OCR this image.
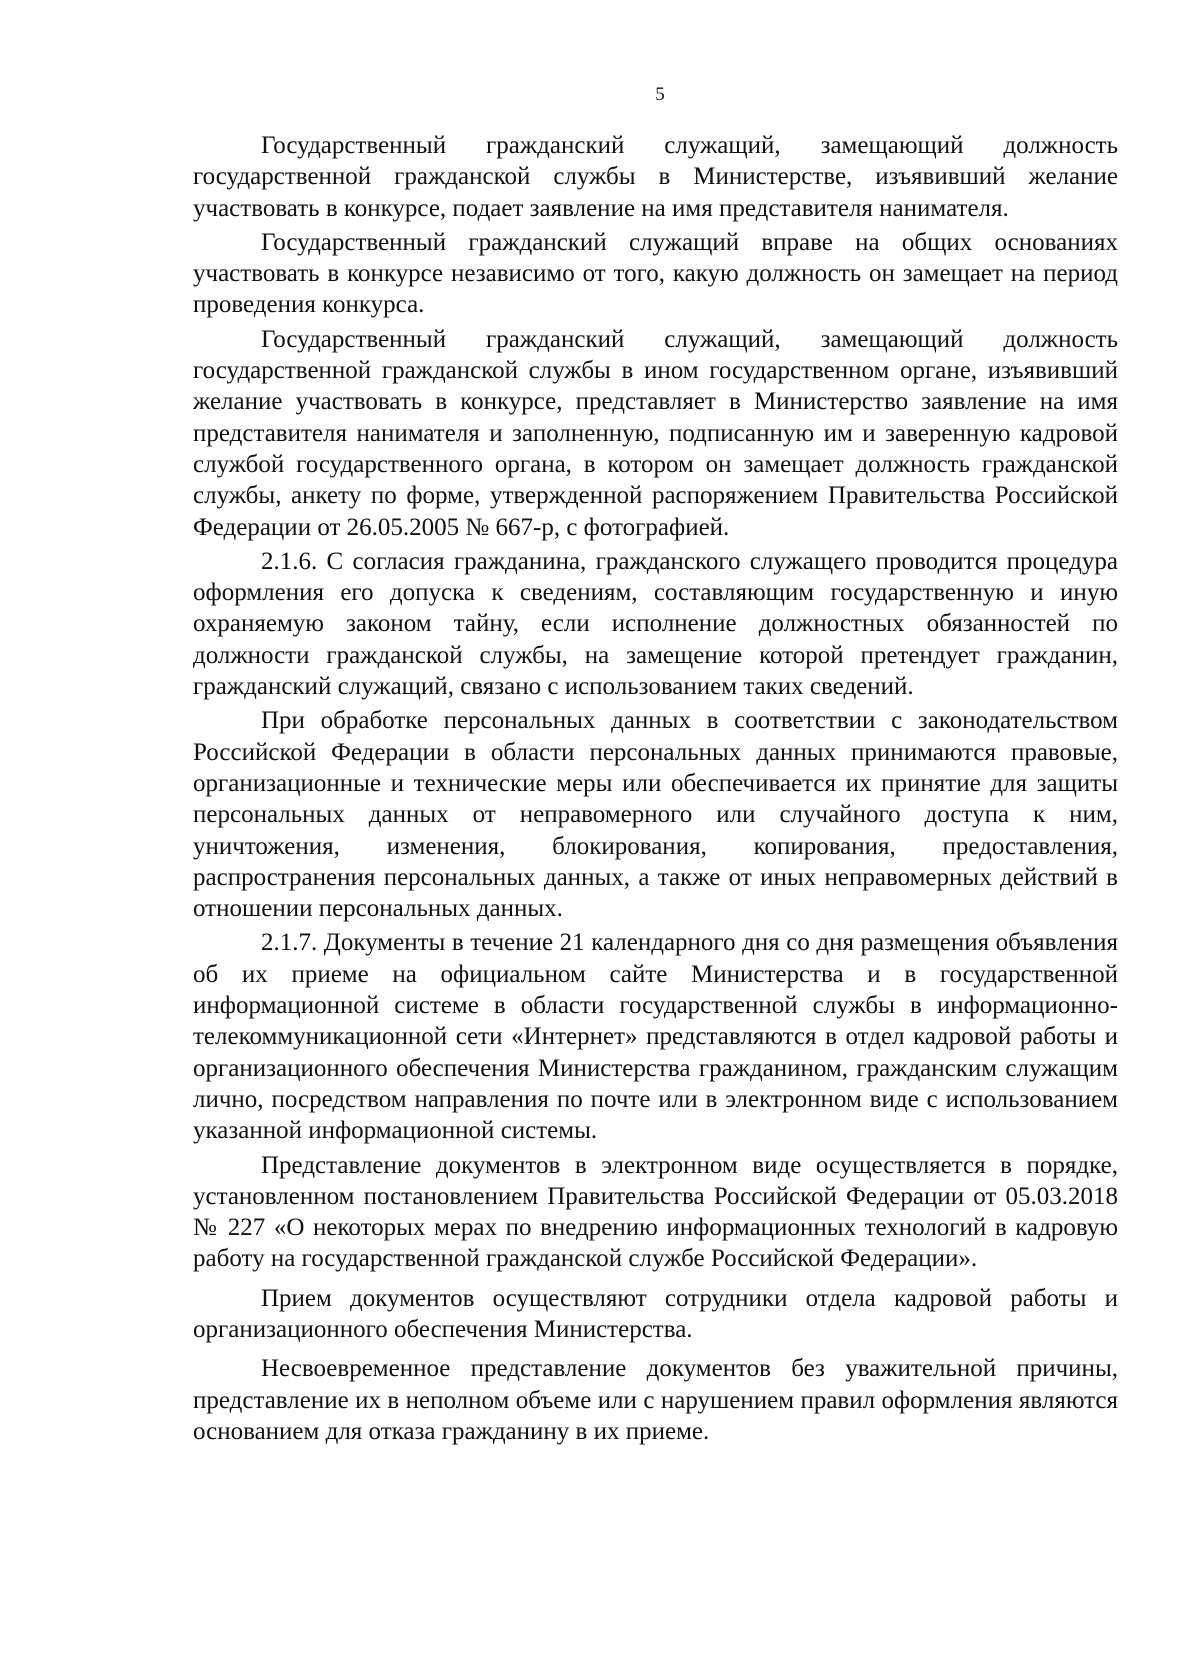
5

Государственный гражданский служащий, замещающий должность государственной гражданской службы в Министерстве, изъявивший желание участвовать в конкурсе, подает заявление на имя представителя нанимателя.

Государственный гражданский служащий вправе на общих основаниях участвовать в конкурсе независимо от того, какую должность он замещает на период проведения конкурса.

Государственный гражданский служащий, замещающий должность государственной гражданской службы в ином государственном органе, изъявивший желание участвовать в конкурсе, представляет в Министерство заявление на имя представителя нанимателя и заполненную, подписанную им и заверенную кадровой службой государственного органа, в котором он замещает должность гражданской службы, анкету по форме, утвержденной распоряжением Правительства Российской Федерации от 26.05.2005 № 667-р, с фотографией.

2.1.6. С согласия гражданина, гражданского служащего проводится процедура оформления его допуска к сведениям, составляющим государственную и иную охраняемую законом тайну, если исполнение должностных обязанностей по должности гражданской службы, на замещение которой претендует гражданин, гражданский служащий, связано с использованием таких сведений.

При обработке персональных данных в соответствии с законодательством Российской Федерации в области персональных данных принимаются правовые, организационные и технические меры или обеспечивается их принятие для защиты персональных данных от неправомерного или случайного доступа к ним, уничтожения, изменения, блокирования, копирования, предоставления, распространения персональных данных, а также от иных неправомерных действий в отношении персональных данных.

2.1.7. Документы в течение 21 календарного дня со дня размещения объявления об их приеме на официальном сайте Министерства и в государственной информационной системе в области государственной службы в информационно-телекоммуникационной сети «Интернет» представляются в отдел кадровой работы и организационного обеспечения Министерства гражданином, гражданским служащим лично, посредством направления по почте или в электронном виде с использованием указанной информационной системы.

Представление документов в электронном виде осуществляется в порядке, установленном постановлением Правительства Российской Федерации от 05.03.2018 № 227 «О некоторых мерах по внедрению информационных технологий в кадровую работу на государственной гражданской службе Российской Федерации».

Прием документов осуществляют сотрудники отдела кадровой работы и организационного обеспечения Министерства.

Несвоевременное представление документов без уважительной причины, представление их в неполном объеме или с нарушением правил оформления являются основанием для отказа гражданину в их приеме.
